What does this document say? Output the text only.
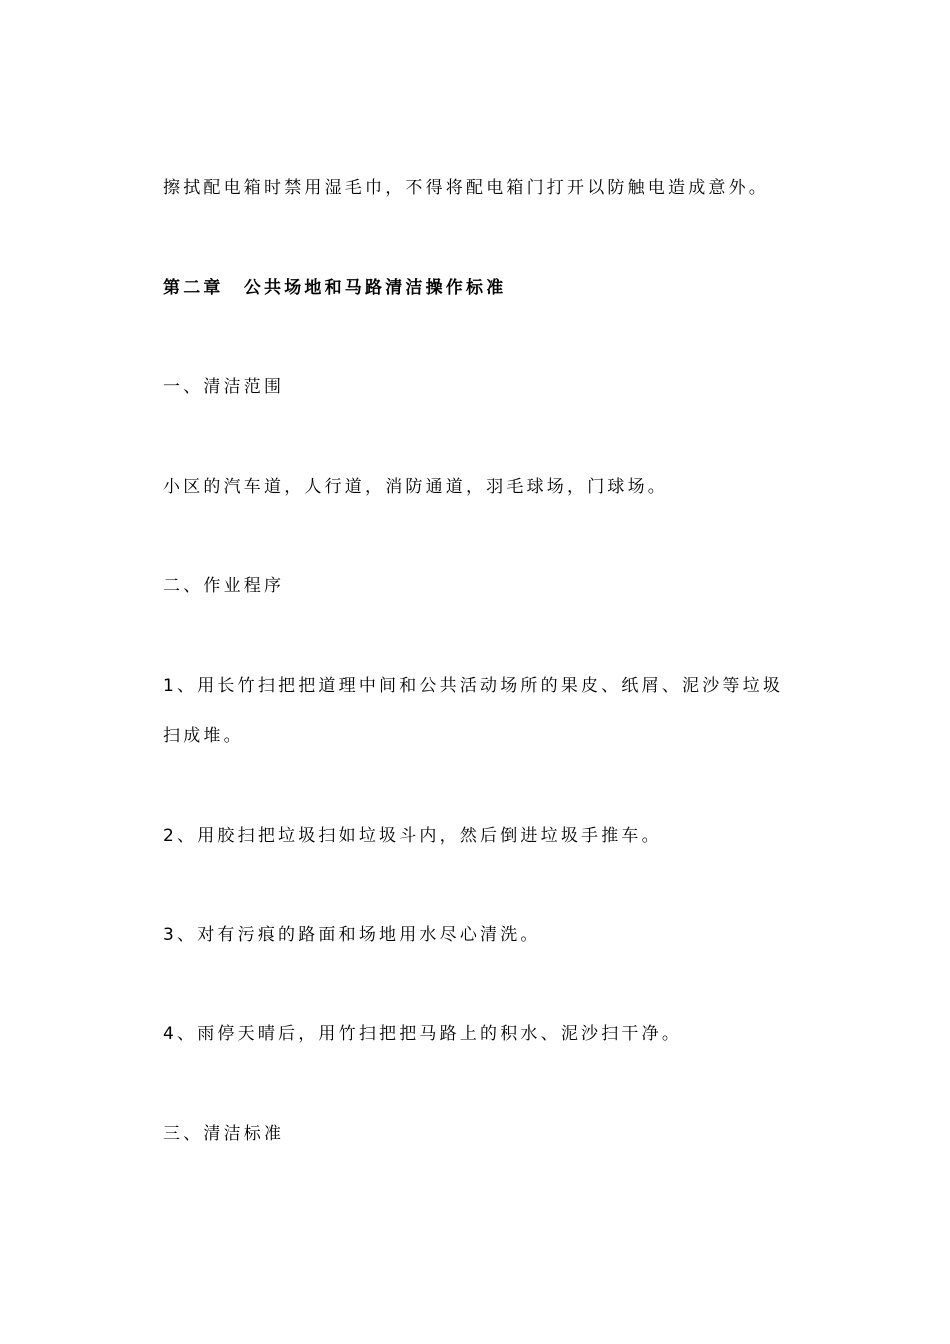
擦拭配电箱时禁用湿毛巾，不得将配电箱门打开以防触电造成意外。

第二章　公共场地和马路清洁操作标准

一、清洁范围

小区的汽车道，人行道，消防通道，羽毛球场，门球场。

二、作业程序

1、用长竹扫把把道理中间和公共活动场所的果皮、纸屑、泥沙等垃圾

扫成堆。

2、用胶扫把垃圾扫如垃圾斗内，然后倒进垃圾手推车。

3、对有污痕的路面和场地用水尽心清洗。

4、雨停天晴后，用竹扫把把马路上的积水、泥沙扫干净。

三、清洁标准
